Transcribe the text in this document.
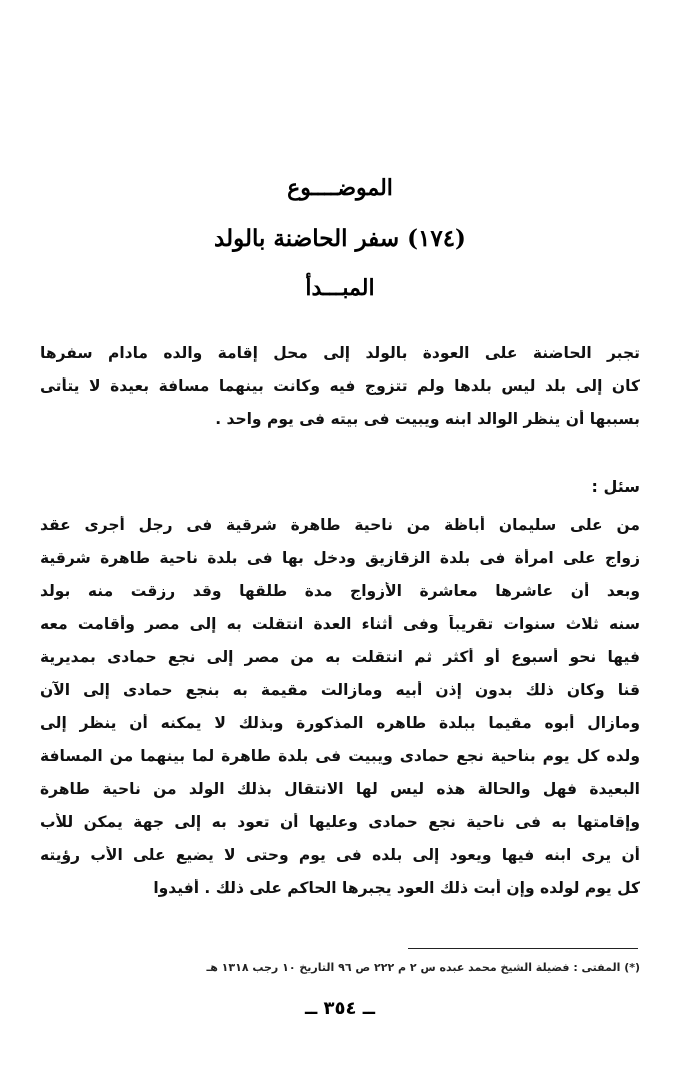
الموضــــوع
(١٧٤) سفر الحاضنة بالولد
المبـــدأ
تجبر الحاضنة على العودة بالولد إلى محل إقامة والده مادام سفرها
كان إلى بلد ليس بلدها ولم تتزوج فيه وكانت بينهما مسافة بعيدة لا يتأتى
بسببها أن ينظر الوالد ابنه ويبيت فى بيته فى يوم واحد .
سئل :
من على سليمان أباظة من ناحية طاهرة شرقية فى رجل أجرى عقد
زواج على امرأة فى بلدة الزقازيق ودخل بها فى بلدة ناحية طاهرة شرقية
وبعد أن عاشرها معاشرة الأزواج مدة طلقها وقد رزقت منه بولد
سنه ثلاث سنوات تقريباً وفى أثناء العدة انتقلت به إلى مصر وأقامت معه
فيها نحو أسبوع أو أكثر ثم انتقلت به من مصر إلى نجع حمادى بمديرية
قنا وكان ذلك بدون إذن أبيه ومازالت مقيمة به بنجع حمادى إلى الآن
ومازال أبوه مقيما ببلدة طاهره المذكورة وبذلك لا يمكنه أن ينظر إلى
ولده كل يوم بناحية نجع حمادى ويبيت فى بلدة طاهرة لما بينهما من المسافة
البعيدة فهل والحالة هذه ليس لها الانتقال بذلك الولد من ناحية طاهرة
وإقامتها به فى ناحية نجع حمادى وعليها أن تعود به إلى جهة يمكن للأب
أن يرى ابنه فيها ويعود إلى بلده فى يوم وحتى لا يضيع على الأب رؤيته
كل يوم لولده وإن أبت ذلك العود يجبرها الحاكم على ذلك . أفيدوا
(*) المفتى : فضيلة الشيخ محمد عبده س ٢ م ٢٢٢ ص ٩٦ التاريخ ١٠ رجب ١٣١٨ هـ
ــ ٣٥٤ ــ
